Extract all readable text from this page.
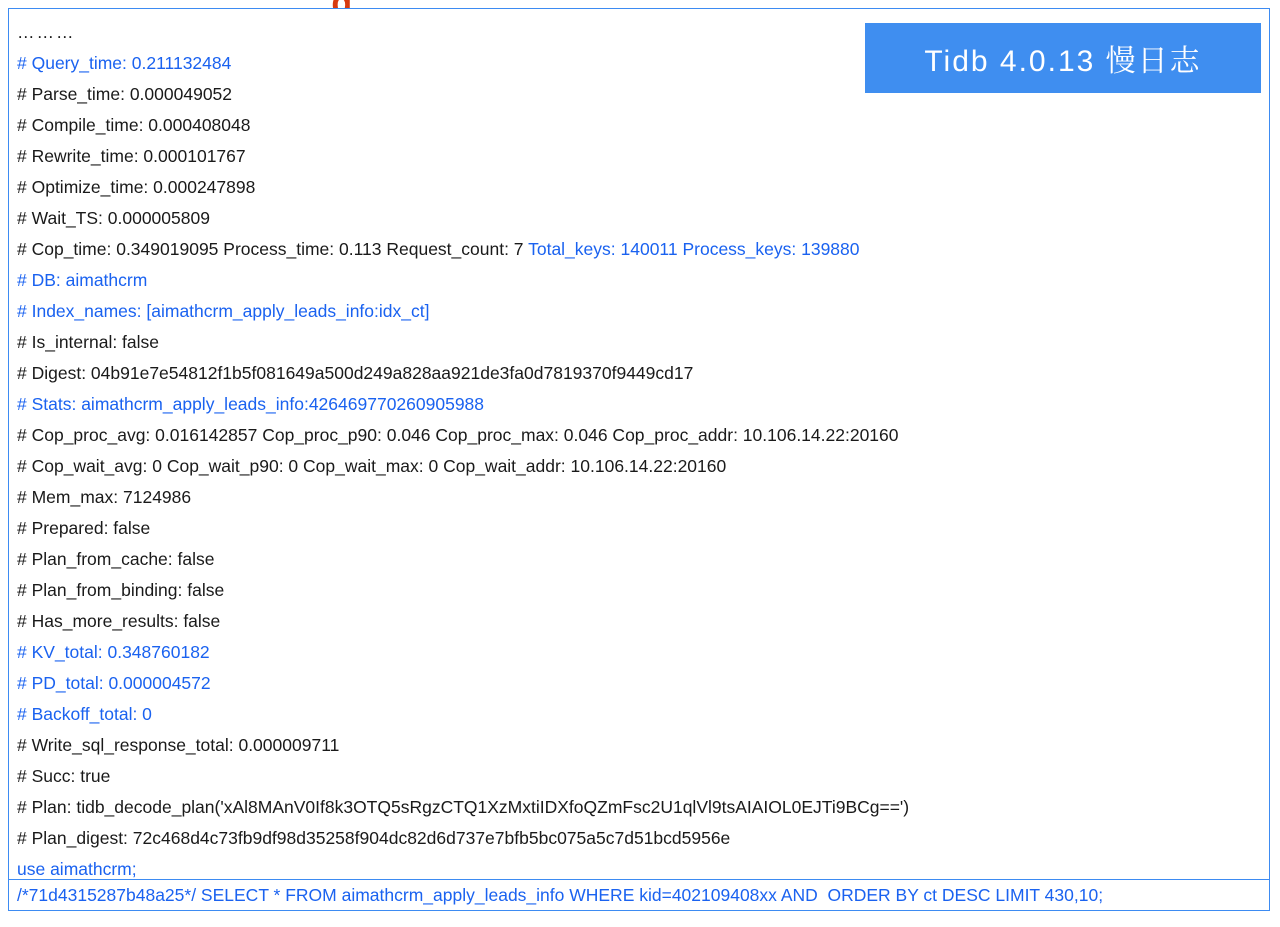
Tidb 4.0.13 慢日志
………
# Query_time: 0.211132484
# Parse_time: 0.000049052
# Compile_time: 0.000408048
# Rewrite_time: 0.000101767
# Optimize_time: 0.000247898
# Wait_TS: 0.000005809
# Cop_time: 0.349019095 Process_time: 0.113 Request_count: 7 Total_keys: 140011 Process_keys: 139880
# DB: aimathcrm
# Index_names: [aimathcrm_apply_leads_info:idx_ct]
# Is_internal: false
# Digest: 04b91e7e54812f1b5f081649a500d249a828aa921de3fa0d7819370f9449cd17
# Stats: aimathcrm_apply_leads_info:426469770260905988
# Cop_proc_avg: 0.016142857 Cop_proc_p90: 0.046 Cop_proc_max: 0.046 Cop_proc_addr: 10.106.14.22:20160
# Cop_wait_avg: 0 Cop_wait_p90: 0 Cop_wait_max: 0 Cop_wait_addr: 10.106.14.22:20160
# Mem_max: 7124986
# Prepared: false
# Plan_from_cache: false
# Plan_from_binding: false
# Has_more_results: false
# KV_total: 0.348760182
# PD_total: 0.000004572
# Backoff_total: 0
# Write_sql_response_total: 0.000009711
# Succ: true
# Plan: tidb_decode_plan('xAl8MAnV0If8k3OTQ5sRgzCTQ1XzMxtiIDXfoQZmFsc2U1qlVl9tsAIAIOL0EJTi9BCg==')
# Plan_digest: 72c468d4c73fb9df98d35258f904dc82d6d737e7bfb5bc075a5c7d51bcd5956e
use aimathcrm;
/*71d4315287b48a25*/ SELECT * FROM aimathcrm_apply_leads_info WHERE kid=402109408xx AND  ORDER BY ct DESC LIMIT 430,10;
